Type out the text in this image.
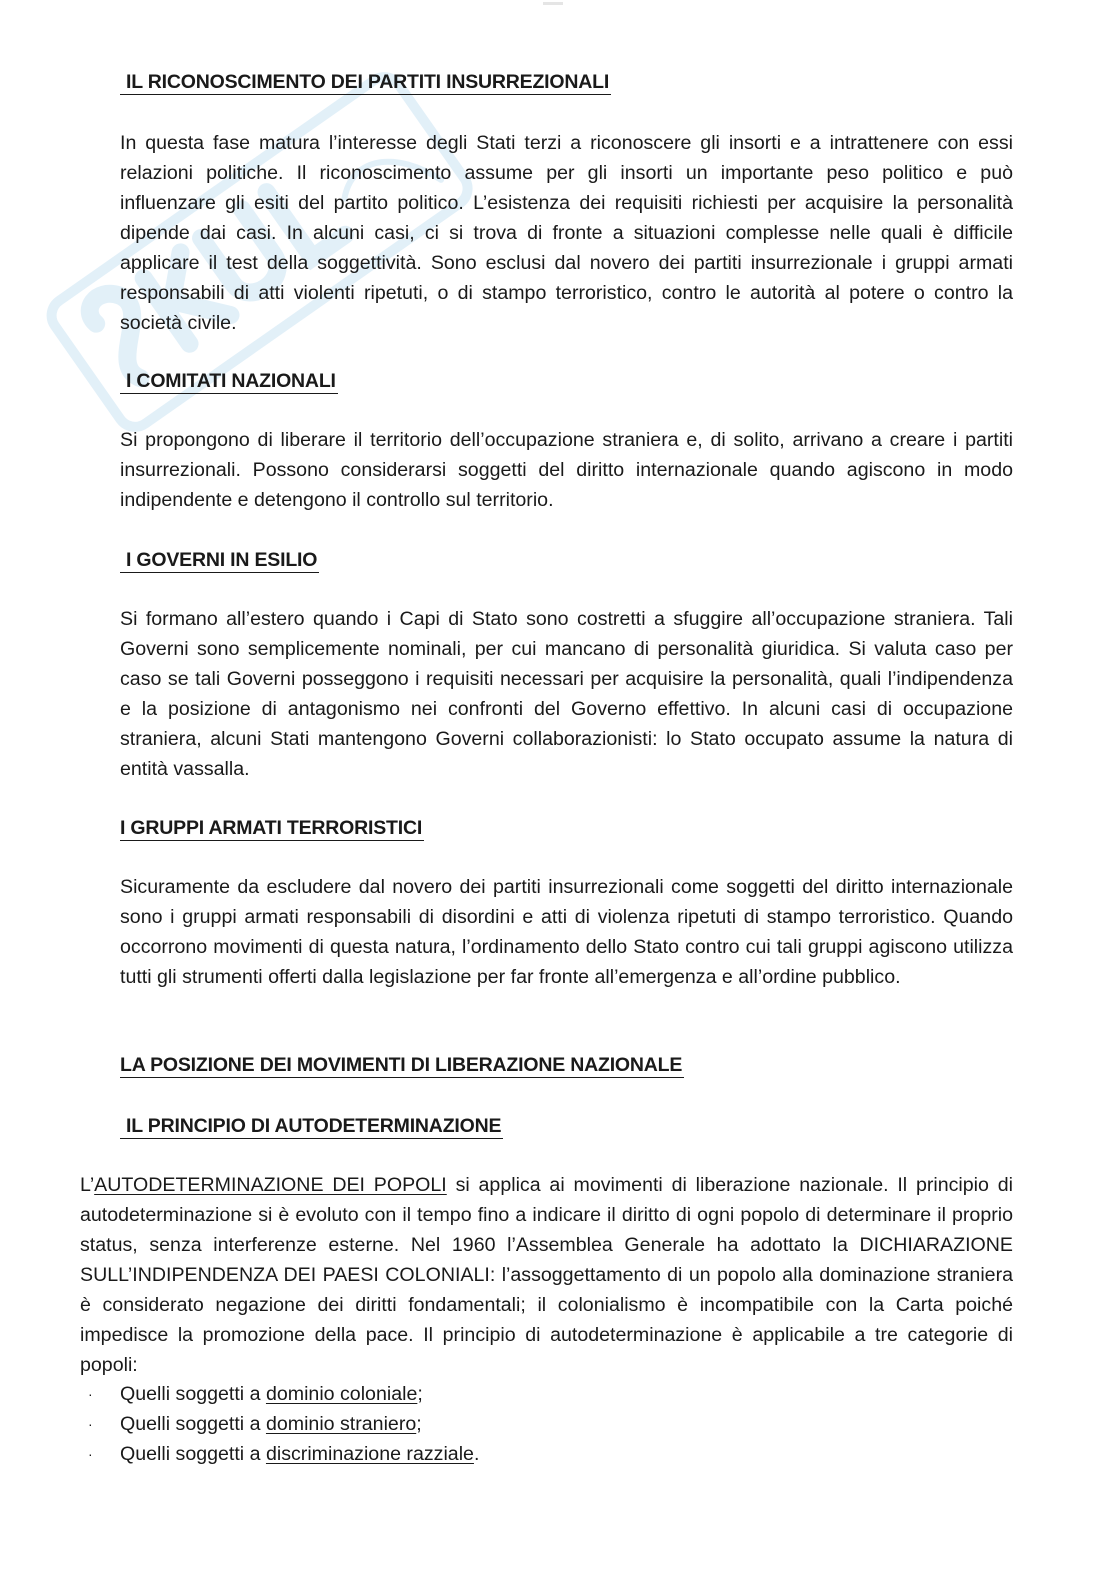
IL RICONOSCIMENTO DEI PARTITI INSURREZIONALI
In questa fase matura l’interesse degli Stati terzi a riconoscere gli insorti e a intrattenere con essi relazioni politiche. Il riconoscimento assume per gli insorti un importante peso politico e può influenzare gli esiti del partito politico. L’esistenza dei requisiti richiesti per acquisire la personalità dipende dai casi. In alcuni casi, ci si trova di fronte a situazioni complesse nelle quali è difficile applicare il test della soggettività. Sono esclusi dal novero dei partiti insurrezionale i gruppi armati responsabili di atti violenti ripetuti, o di stampo terroristico, contro le autorità al potere o contro la società civile.
I COMITATI NAZIONALI
Si propongono di liberare il territorio dell’occupazione straniera e, di solito, arrivano a creare i partiti insurrezionali. Possono considerarsi soggetti del diritto internazionale quando agiscono in modo indipendente e detengono il controllo sul territorio.
I GOVERNI IN ESILIO
Si formano all’estero quando i Capi di Stato sono costretti a sfuggire all’occupazione straniera. Tali Governi sono semplicemente nominali, per cui mancano di personalità giuridica. Si valuta caso per caso se tali Governi posseggono i requisiti necessari per acquisire la personalità, quali l’indipendenza e la posizione di antagonismo nei confronti del Governo effettivo. In alcuni casi di occupazione straniera, alcuni Stati mantengono Governi collaborazionisti: lo Stato occupato assume la natura di entità vassalla.
I GRUPPI ARMATI TERRORISTICI
Sicuramente da escludere dal novero dei partiti insurrezionali come soggetti del diritto internazionale sono i gruppi armati responsabili di disordini e atti di violenza ripetuti di stampo terroristico. Quando occorrono movimenti di questa natura, l’ordinamento dello Stato contro cui tali gruppi agiscono utilizza tutti gli strumenti offerti dalla legislazione per far fronte all’emergenza e all’ordine pubblico.
LA POSIZIONE DEI MOVIMENTI DI LIBERAZIONE NAZIONALE
IL PRINCIPIO DI AUTODETERMINAZIONE
L’AUTODETERMINAZIONE DEI POPOLI si applica ai movimenti di liberazione nazionale. Il principio di autodeterminazione si è evoluto con il tempo fino a indicare il diritto di ogni popolo di determinare il proprio status, senza interferenze esterne. Nel 1960 l’Assemblea Generale ha adottato la DICHIARAZIONE SULL’INDIPENDENZA DEI PAESI COLONIALI: l’assoggettamento di un popolo alla dominazione straniera è considerato negazione dei diritti fondamentali; il colonialismo è incompatibile con la Carta poiché impedisce la promozione della pace. Il principio di autodeterminazione è applicabile a tre categorie di popoli:
· Quelli soggetti a dominio coloniale;
· Quelli soggetti a dominio straniero;
· Quelli soggetti a discriminazione razziale.
